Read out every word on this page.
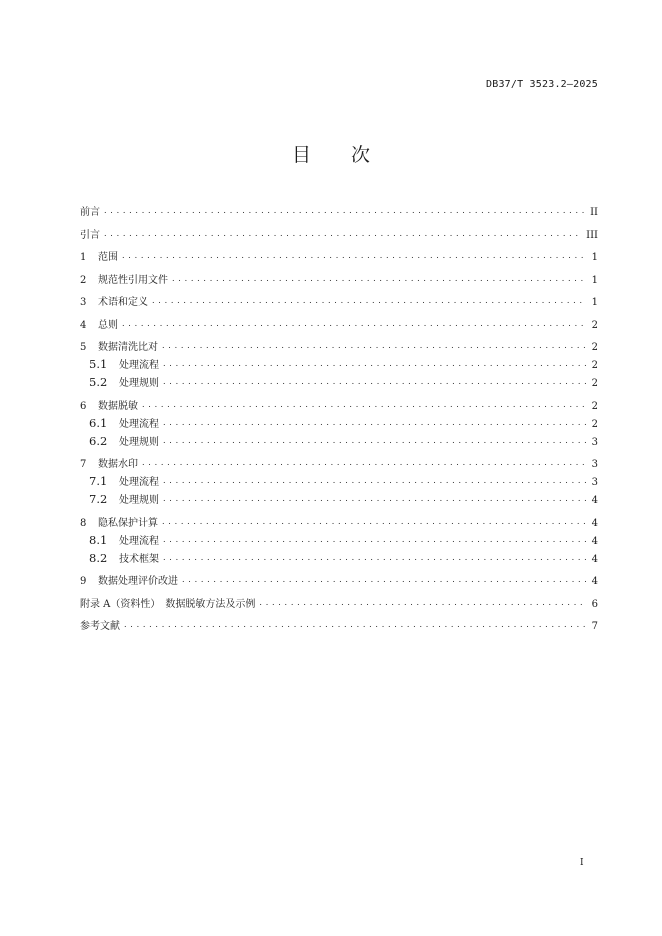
DB37/T 3523.2—2025
目 次
前言 . . .	II
引言 . . .	III
1	范围 . . .	1
2	规范性引用文件 . . .	1
3	术语和定义 . . .	1
4	总则 . . .	2
5	数据清洗比对 . . .	2
5.1	处理流程 . . .	2
5.2	处理规则 . . .	2
6	数据脱敏 . . .	2
6.1	处理流程 . . .	2
6.2	处理规则 . . .	3
7	数据水印 . . .	3
7.1	处理流程 . . .	3
7.2	处理规则 . . .	4
8	隐私保护计算 . . .	4
8.1	处理流程 . . .	4
8.2	技术框架 . . .	4
9	数据处理评价改进 . . .	4
附录 A（资料性）　数据脱敏方法及示例 . . .	6
参考文献 . . .	7
I
